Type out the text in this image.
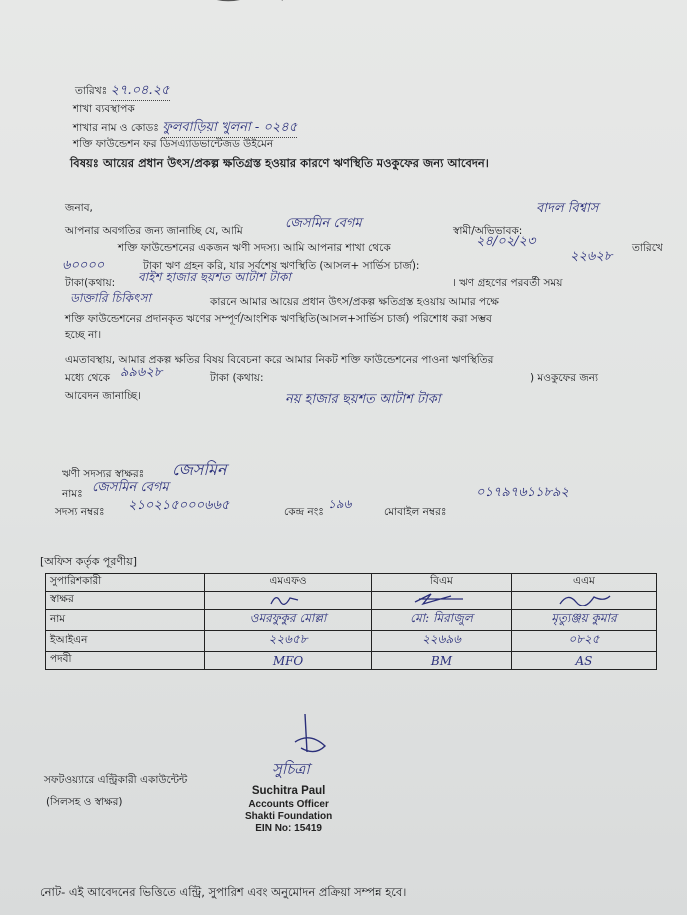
তারিখঃ ২৭.০৪.২৫
শাখা ব্যবস্থাপক
শাখার নাম ও কোডঃ ফুলবাড়িয়া খুলনা - ০২৪৫
শক্তি ফাউন্ডেশন ফর ডিসএ্যাডভান্টেজড উইমেন
বিষয়ঃ আয়ের প্রধান উৎস/প্রকল্প ক্ষতিগ্রস্ত হওয়ার কারণে ঋণস্থিতি মওকুফের জন্য আবেদন।
জনাব,
আপনার অবগতির জন্য জানাচ্ছি যে, আমি	জেসমিন বেগম	স্বামী/অভিভাবক:
বাদল বিশ্বাস
শক্তি ফাউন্ডেশনের একজন ঋণী সদস্য। আমি আপনার শাখা থেকে	২৪/০২/২৩	তারিখে
৬০০০০	টাকা ঋণ গ্রহন করি, যার সর্বশেষ ঋণস্থিতি (আসল+ সার্ভিস চার্জ):
২২৬২৮
টাকা(কথায়: বাইশ হাজার ছয়শত আটাশ টাকা	। ঋণ গ্রহণের পরবর্তী সময়
ডাক্তারি চিকিৎসা	কারনে আমার আয়ের প্রধান উৎস/প্রকল্প ক্ষতিগ্রস্ত হওয়ায় আমার পক্ষে
শক্তি ফাউন্ডেশনের প্রদানকৃত ঋণের সম্পূর্ণ/আংশিক ঋণস্থিতি(আসল+সার্ভিস চার্জ) পরিশোধ করা সম্ভব
হচ্ছে না।
এমতাবস্থায়, আমার প্রকল্প ক্ষতির বিষয় বিবেচনা করে আমার নিকট শক্তি ফাউন্ডেশনের পাওনা ঋণস্থিতির
মধ্যে থেকে ৯৯৬২৮	টাকা (কথায়:
নয় হাজার ছয়শত আটাশ টাকা
) মওকুফের জন্য
আবেদন জানাচ্ছি।
ঋণী সদস্যর স্বাক্ষরঃ জেসমিন
নামঃ জেসমিন বেগম
সদস্য নম্বরঃ ২১০২১৫০০০৬৬৫	কেন্দ্র নংঃ
১৯৬
মোবাইল নম্বরঃ
০১৭৯৭৬১১৮৯২
[অফিস কর্তৃক পূরণীয়]
সুপারিশকারী	এমএফও	বিএম	এএম
স্বাক্ষর			
নাম	ওমরফুকুর মোল্লা	মো: মিরাজুল	মৃত্যুঞ্জয় কুমার
ইআইএন	২২৬৫৮	২২৬৯৬	০৮২৫
পদবী	MFO	BM	AS
সফটওয়্যারে এন্ট্রিকারী একাউন্টেন্ট
(সিলসহ ও স্বাক্ষর)
সুচিত্রা
Suchitra Paul
Accounts Officer
Shakti Foundation
EIN No: 15419
নোট- এই আবেদনের ভিত্তিতে এন্ট্রি, সুপারিশ এবং অনুমোদন প্রক্রিয়া সম্পন্ন হবে।
